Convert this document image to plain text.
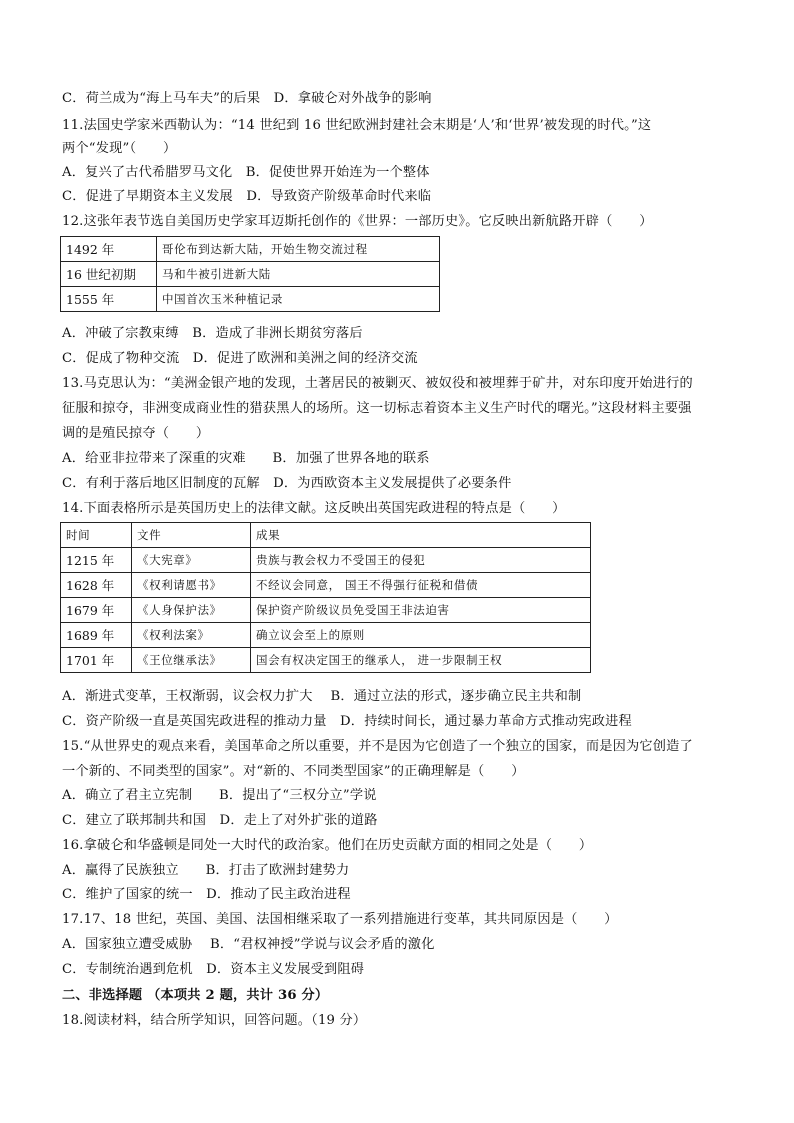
C．荷兰成为“海上马车夫”的后果　D．拿破仑对外战争的影响
11.法国史学家米西勒认为：“14 世纪到 16 世纪欧洲封建社会末期是‘人’和‘世界’被发现的时代。”这
两个“发现”（　　）
A．复兴了古代希腊罗马文化　B．促使世界开始连为一个整体
C．促进了早期资本主义发展　D．导致资产阶级革命时代来临
12.这张年表节选自美国历史学家耳迈斯托创作的《世界：一部历史》。它反映出新航路开辟（　　）
1492 年	哥伦布到达新大陆，开始生物交流过程
16 世纪初期	马和牛被引进新大陆
1555 年	中国首次玉米种植记录
A．冲破了宗教束缚　B．造成了非洲长期贫穷落后
C．促成了物种交流　D．促进了欧洲和美洲之间的经济交流
13.马克思认为：“美洲金银产地的发现，土著居民的被剿灭、被奴役和被埋葬于矿井，对东印度开始进行的
征服和掠夺，非洲变成商业性的猎获黑人的场所。这一切标志着资本主义生产时代的曙光。”这段材料主要强
调的是殖民掠夺（　　）
A．给亚非拉带来了深重的灾难　　B．加强了世界各地的联系
C．有利于落后地区旧制度的瓦解　D．为西欧资本主义发展提供了必要条件
14.下面表格所示是英国历史上的法律文献。这反映出英国宪政进程的特点是（　　）
时间	文件	成果
1215 年	《大宪章》	贵族与教会权力不受国王的侵犯
1628 年	《权利请愿书》	不经议会同意， 国王不得强行征税和借债
1679 年	《人身保护法》	保护资产阶级议员免受国王非法迫害
1689 年	《权利法案》	确立议会至上的原则
1701 年	《王位继承法》	国会有权决定国王的继承人， 进一步限制王权
A．渐进式变革，王权渐弱，议会权力扩大　 B．通过立法的形式，逐步确立民主共和制
C．资产阶级一直是英国宪政进程的推动力量　D．持续时间长，通过暴力革命方式推动宪政进程
15.“从世界史的观点来看，美国革命之所以重要，并不是因为它创造了一个独立的国家，而是因为它创造了
一个新的、不同类型的国家”。对“新的、不同类型国家”的正确理解是（　　）
A．确立了君主立宪制　　B．提出了“三权分立”学说
C．建立了联邦制共和国　D．走上了对外扩张的道路
16.拿破仑和华盛顿是同处一大时代的政治家。他们在历史贡献方面的相同之处是（　　）
A．赢得了民族独立　　B．打击了欧洲封建势力
C．维护了国家的统一　D．推动了民主政治进程
17.17、18 世纪，英国、美国、法国相继采取了一系列措施进行变革，其共同原因是（　　）
A．国家独立遭受威胁　 B．“君权神授”学说与议会矛盾的激化
C．专制统治遇到危机　D．资本主义发展受到阻碍
二、非选择题 （本项共 2 题，共计 36 分）
18.阅读材料，结合所学知识，回答问题。（19 分）
